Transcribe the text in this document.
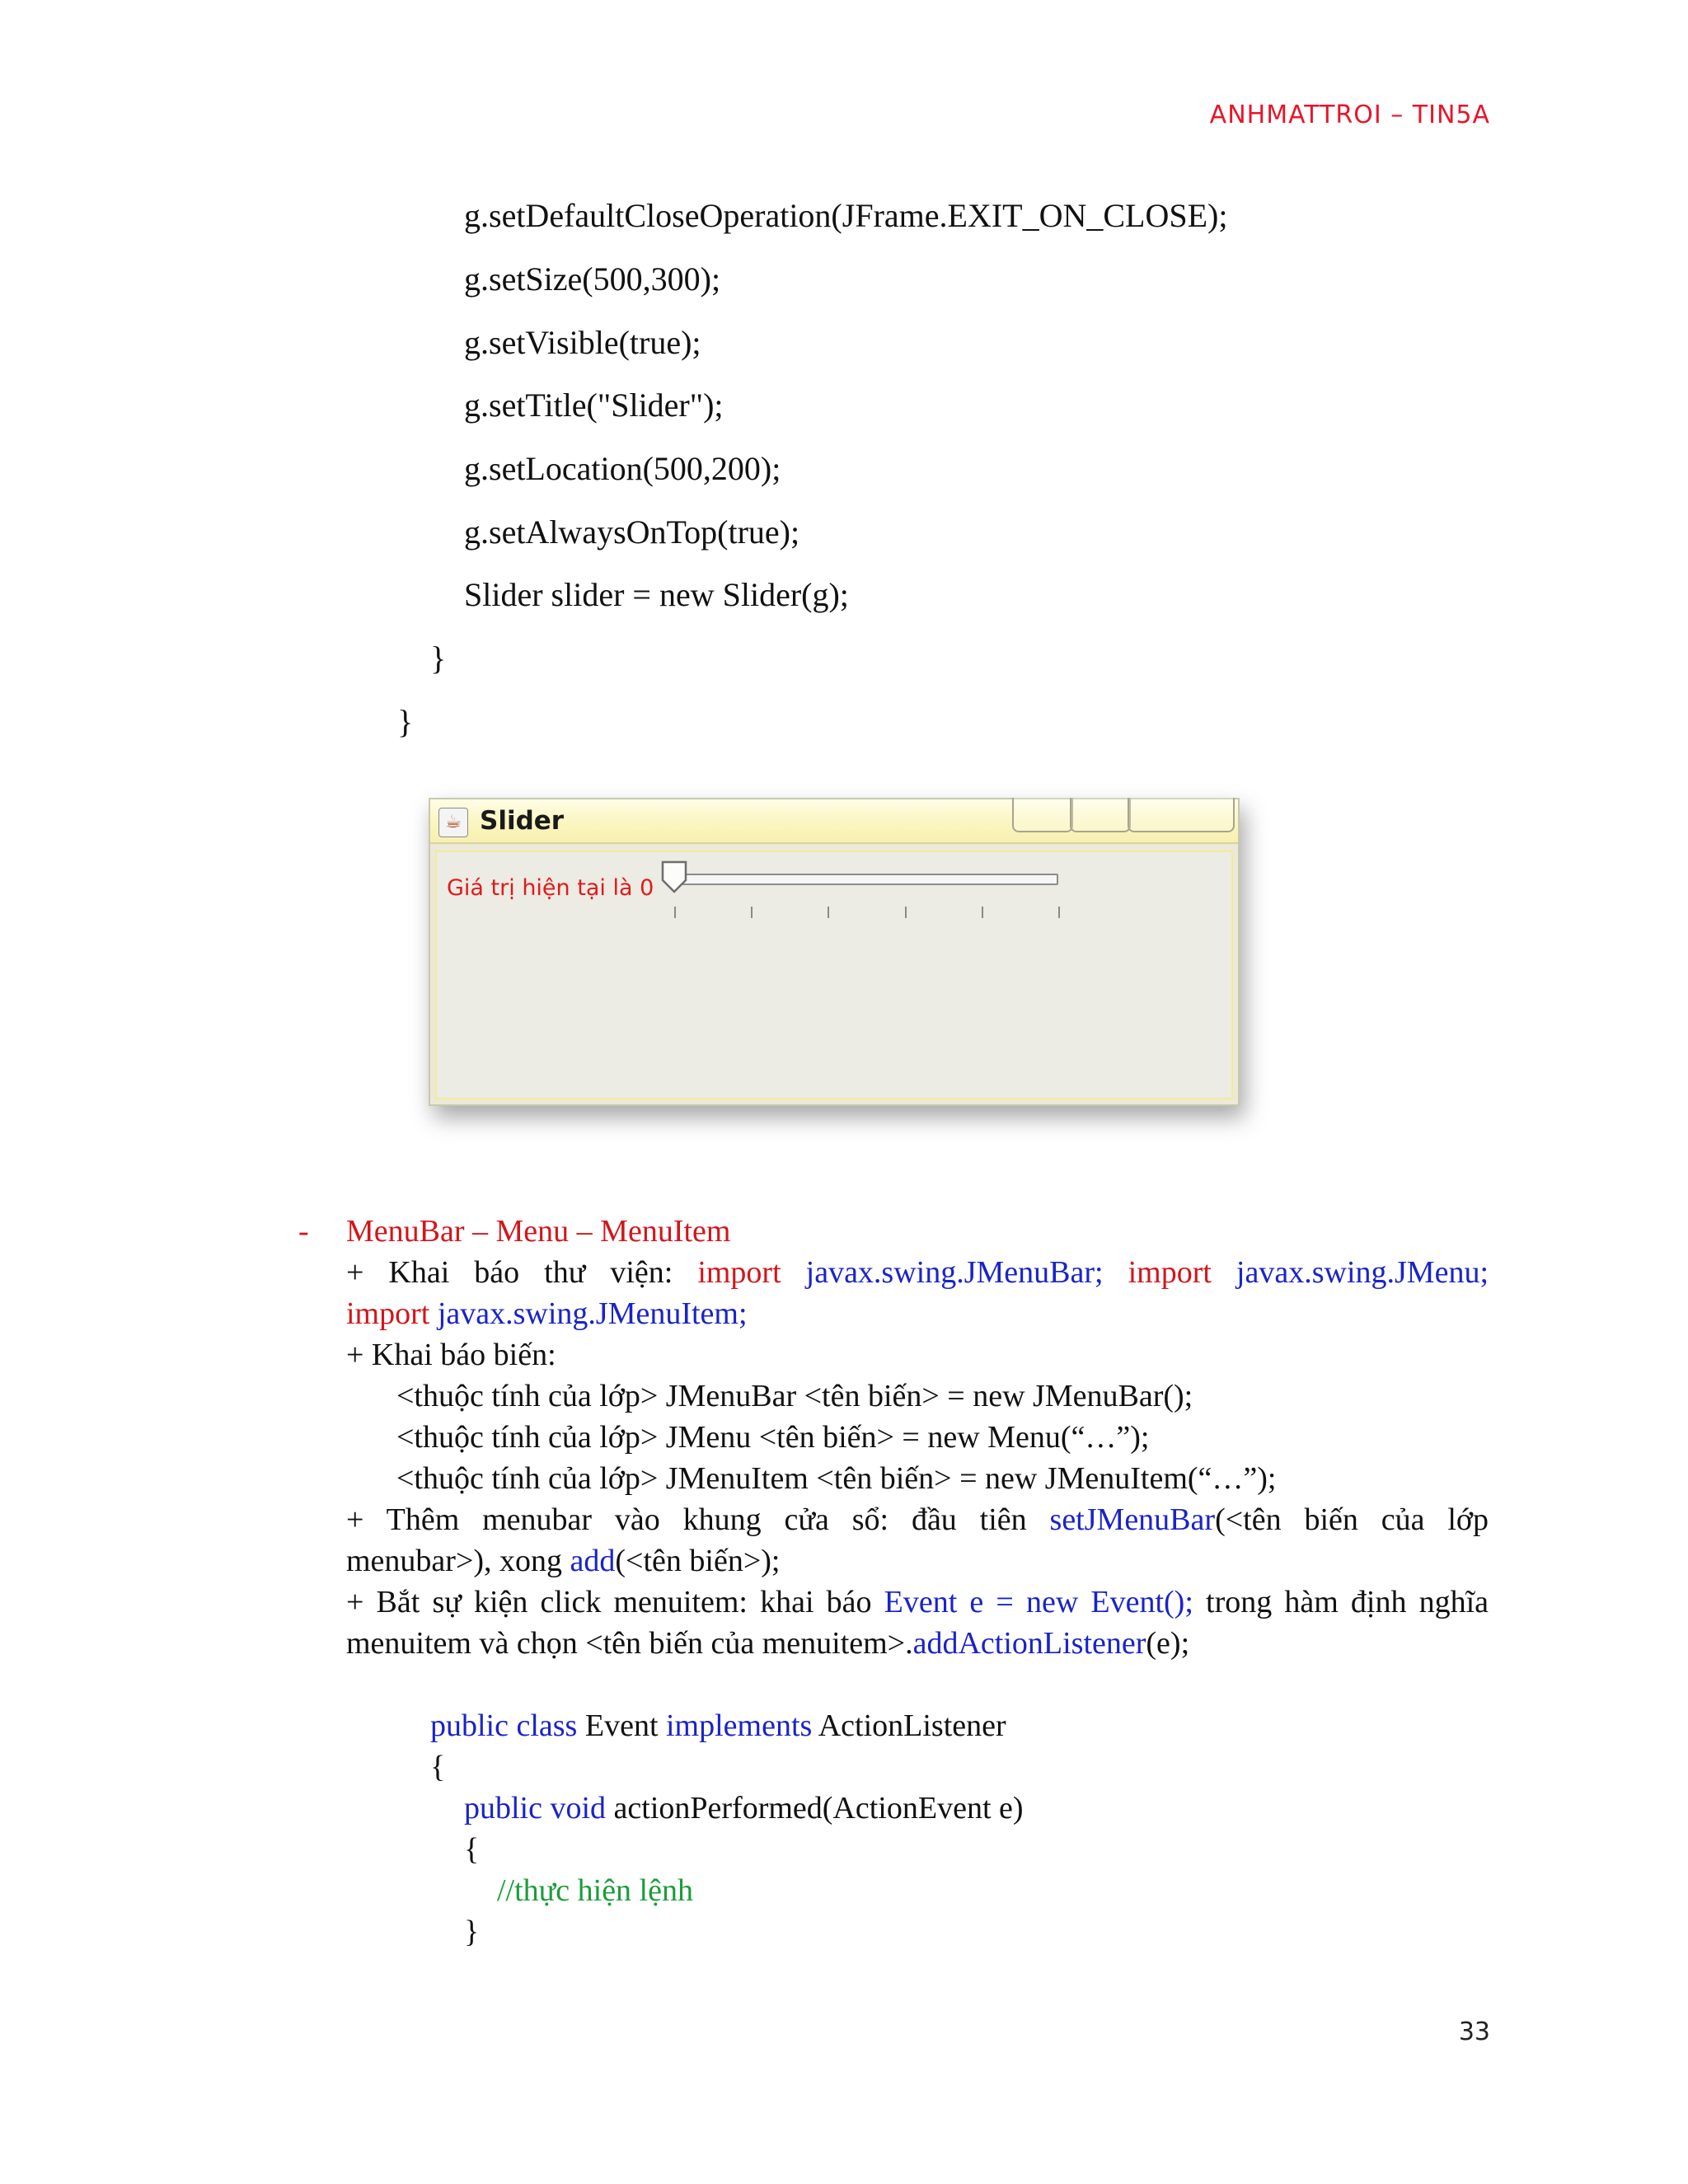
ANHMATTROI – TIN5A

g.setDefaultCloseOperation(JFrame.EXIT_ON_CLOSE);

g.setSize(500,300);

g.setVisible(true);

g.setTitle("Slider");

g.setLocation(500,200);

g.setAlwaysOnTop(true);

Slider slider = new Slider(g);

}
}
☕ Slider
Giá trị hiện tại là 0
- MenuBar – Menu – MenuItem
+ Khai báo thư viện: import javax.swing.JMenuBar; import javax.swing.JMenu;
import javax.swing.JMenuItem;
+ Khai báo biến:
<thuộc tính của lớp> JMenuBar <tên biến> = new JMenuBar();
<thuộc tính của lớp> JMenu <tên biến> = new Menu(“…”);
<thuộc tính của lớp> JMenuItem <tên biến> = new JMenuItem(“…”);
+ Thêm menubar vào khung cửa sổ: đầu tiên setJMenuBar(<tên biến của lớp
menubar>), xong add(<tên biến>);
+ Bắt sự kiện click menuitem: khai báo Event e = new Event(); trong hàm định nghĩa
menuitem và chọn <tên biến của menuitem>.addActionListener(e);
public class Event implements ActionListener
{
public void actionPerformed(ActionEvent e)
{
//thực hiện lệnh
}
33
